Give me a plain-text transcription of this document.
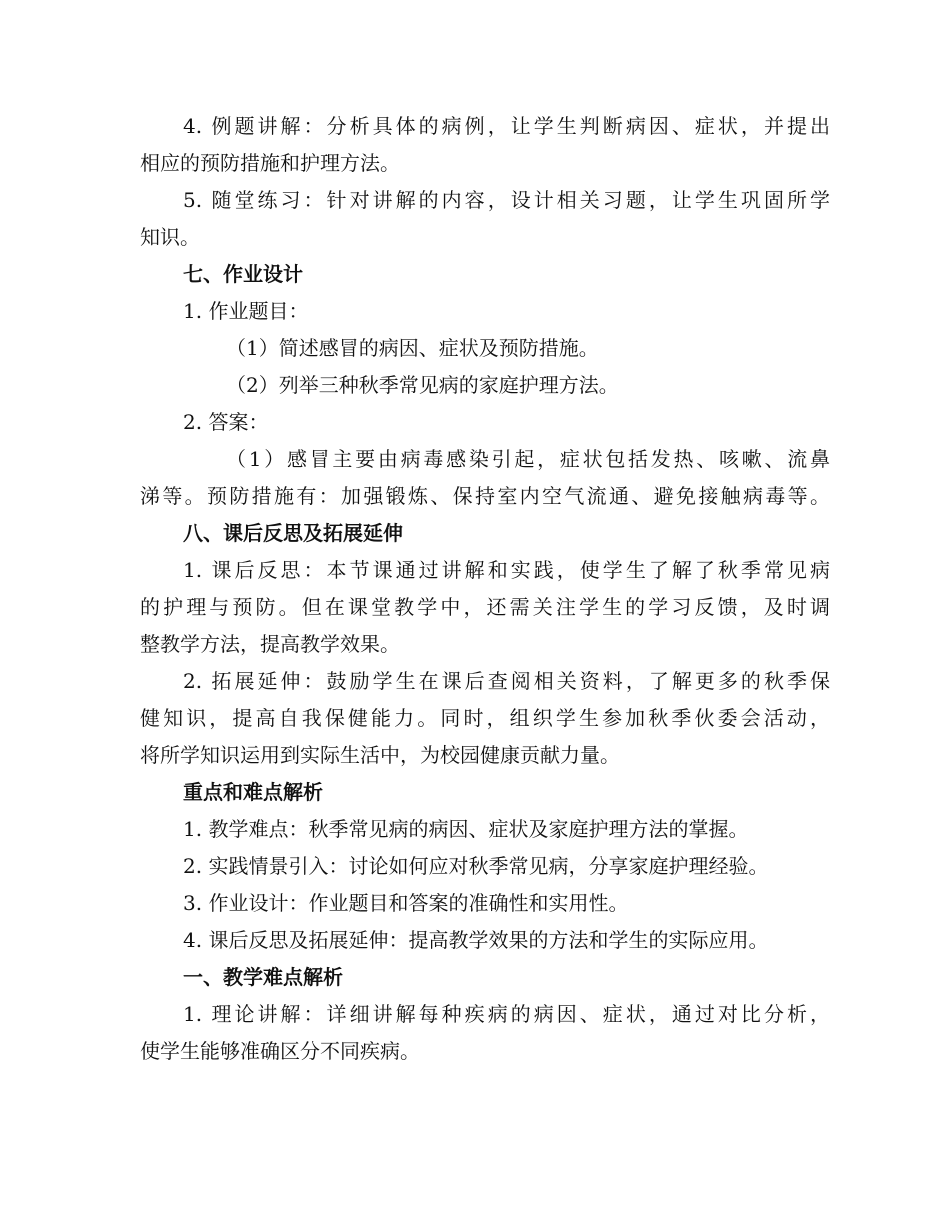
4. 例题讲解：分析具体的病例，让学生判断病因、症状，并提出
相应的预防措施和护理方法。
5. 随堂练习：针对讲解的内容，设计相关习题，让学生巩固所学
知识。
七、作业设计
1. 作业题目：
（1）简述感冒的病因、症状及预防措施。
（2）列举三种秋季常见病的家庭护理方法。
2. 答案：
（1）感冒主要由病毒感染引起，症状包括发热、咳嗽、流鼻
涕等。预防措施有：加强锻炼、保持室内空气流通、避免接触病毒等。
八、课后反思及拓展延伸
1. 课后反思：本节课通过讲解和实践，使学生了解了秋季常见病
的护理与预防。但在课堂教学中，还需关注学生的学习反馈，及时调
整教学方法，提高教学效果。
2. 拓展延伸：鼓励学生在课后查阅相关资料，了解更多的秋季保
健知识，提高自我保健能力。同时，组织学生参加秋季伙委会活动，
将所学知识运用到实际生活中，为校园健康贡献力量。
重点和难点解析
1. 教学难点：秋季常见病的病因、症状及家庭护理方法的掌握。
2. 实践情景引入：讨论如何应对秋季常见病，分享家庭护理经验。
3. 作业设计：作业题目和答案的准确性和实用性。
4. 课后反思及拓展延伸：提高教学效果的方法和学生的实际应用。
一、教学难点解析
1. 理论讲解：详细讲解每种疾病的病因、症状，通过对比分析，
使学生能够准确区分不同疾病。
